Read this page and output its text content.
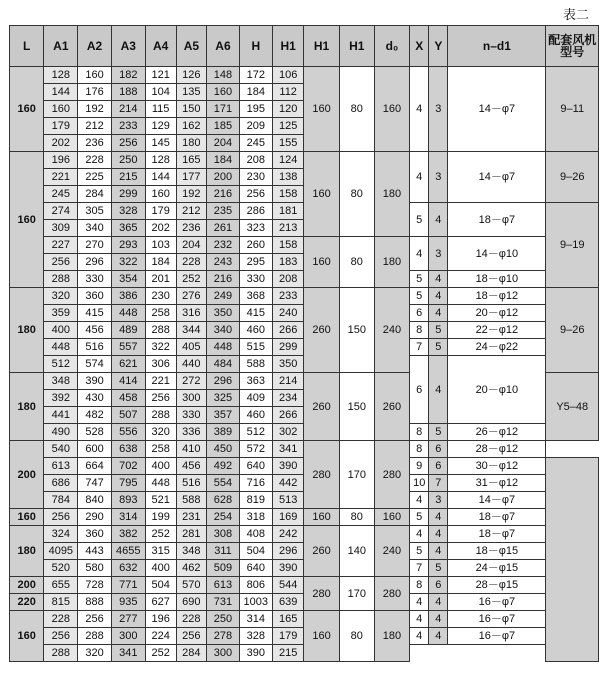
表二
L	A1	A2	A3	A4	A5	A6	H	H1	H1	H1	d₀	X	Y	n–d1	配套风机型号
160	128	160	182	121	126	148	172	106	160	80	160	4	3	14－φ7	9–11
	144	176	188	104	135	160	184	112							
	160	192	214	115	150	171	195	120							
	179	212	233	129	162	185	209	125							
	202	236	256	145	180	204	245	155							
160	196	228	250	128	165	184	208	124	160	80	180	4	3	14－φ7	9–26
	221	225	215	144	177	200	230	138							
	245	284	299	160	192	216	256	158							
	274	305	328	179	212	235	286	181				5	4	18－φ7	9–19
	309	340	365	202	236	261	323	213							
	227	270	293	103	204	232	260	158	160	80	180	4	3	14－φ10	
	256	296	322	184	228	243	295	183							
	288	330	354	201	252	216	330	208				5	4	18－φ10	
180	320	360	386	230	276	249	368	233	260	150	240	5	4	18－φ12	9–26
	359	415	448	258	316	350	415	240				6	4	20－φ12	
	400	456	489	288	344	340	460	266				8	5	22－φ12	
	448	516	557	322	405	448	515	299				7	5	24－φ22	
	512	574	621	306	440	484	588	350				6	4	20－φ10	
180	348	390	414	221	272	296	363	214	260	150	260				Y5–48
	392	430	458	256	300	325	409	234							
	441	482	507	288	330	357	460	266							
	490	528	556	320	336	389	512	302				8	5	26－φ12	
200	540	600	638	258	410	450	572	341	280	170	280	8	6	28－φ12	
	613	664	702	400	456	492	640	390				9	6	30－φ12	
	686	747	795	448	516	554	716	442				10	7	31－φ12	
	784	840	893	521	588	628	819	513				4	3	14－φ7	
160	256	290	314	199	231	254	318	169	160	80	160	5	4	18－φ7	
180	324	360	382	252	281	308	408	242	260	140	240	4	4	18－φ7	
	4095	443	4655	315	348	311	504	296				5	4	18－φ15	
	520	580	632	400	462	509	640	390				7	5	24－φ15	
200	655	728	771	504	570	613	806	544	280	170	280	8	6	28－φ15	
220	815	888	935	627	690	731	1003	639				4	4	16－φ7	
160	228	256	277	196	228	250	314	165	160	80	180	4	4	16－φ7	
	256	288	300	224	256	278	328	179				4	4	16－φ7	
	288	320	341	252	284	300	390	215							
